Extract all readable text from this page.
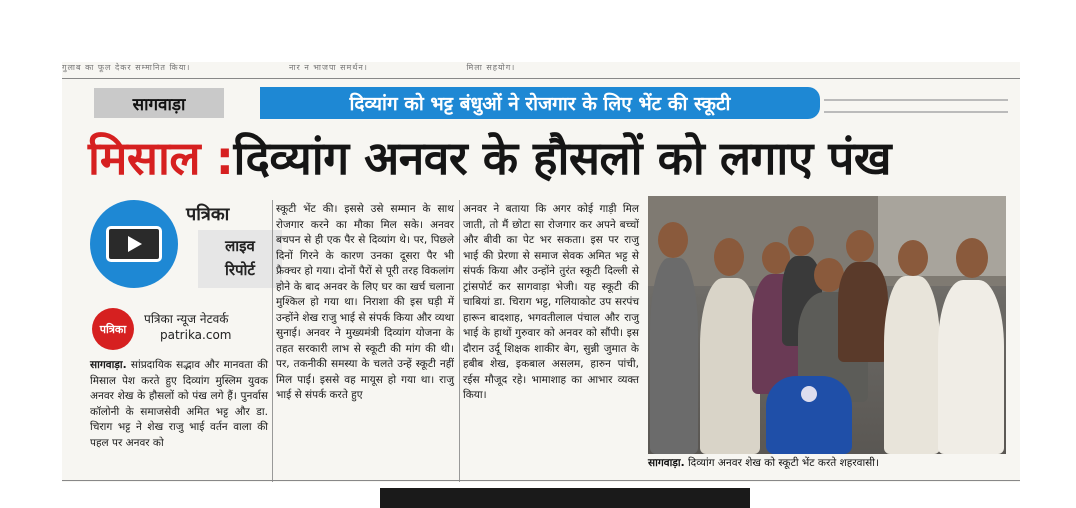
गुलाब का फूल देकर सम्मानित किया।	नार न भाजपा समर्थन।	मिला सहयोग।
सागवाड़ा	दिव्यांग को भट्ट बंधुओं ने रोजगार के लिए भेंट की स्कूटी
मिसाल : दिव्यांग अनवर के हौसलों को लगाए पंख
पत्रिका
लाइव
रिपोर्ट
पत्रिका
पत्रिका न्यूज नेटवर्क
patrika.com
सागवाड़ा. सांप्रदायिक सद्भाव और मानवता की मिसाल पेश करते हुए दिव्यांग मुस्लिम युवक अनवर शेख के हौसलों को पंख लगे हैं। पुनर्वास कॉलोनी के समाजसेवी अमित भट्ट और डा. चिराग भट्ट ने शेख राजु भाई वर्तन वाला की पहल पर अनवर को
स्कूटी भेंट की। इससे उसे सम्मान के साथ रोजगार करने का मौका मिल सके। अनवर बचपन से ही एक पैर से दिव्यांग थे। पर, पिछले दिनों गिरने के कारण उनका दूसरा पैर भी फ्रैक्चर हो गया। दोनों पैरों से पूरी तरह विकलांग होने के बाद अनवर के लिए घर का खर्च चलाना मुश्किल हो गया था। निराशा की इस घड़ी में उन्होंने शेख राजु भाई से संपर्क किया और व्यथा सुनाई। अनवर ने मुख्यमंत्री दिव्यांग योजना के तहत सरकारी लाभ से स्कूटी की मांग की थी। पर, तकनीकी समस्या के चलते उन्हें स्कूटी नहीं मिल पाई। इससे वह मायूस हो गया था। राजु भाई से संपर्क करते हुए
अनवर ने बताया कि अगर कोई गाड़ी मिल जाती, तो मैं छोटा सा रोजगार कर अपने बच्चों और बीवी का पेट भर सकता। इस पर राजु भाई की प्रेरणा से समाज सेवक अमित भट्ट से संपर्क किया और उन्होंने तुरंत स्कूटी दिल्ली से ट्रांसपोर्ट कर सागवाड़ा भेजी। यह स्कूटी की चाबियां डा. चिराग भट्ट, गलियाकोट उप सरपंच हारून बादशाह, भगवतीलाल पंचाल और राजु भाई के हाथों गुरुवार को अनवर को सौंपी। इस दौरान उर्दू शिक्षक शाकीर बेग, सुन्नी जुमात के हबीब शेख, इकबाल असलम, हारुन पांची, रईस मौजूद रहे। भामाशाह का आभार व्यक्त किया।
सागवाड़ा. दिव्यांग अनवर शेख को स्कूटी भेंट करते शहरवासी।
